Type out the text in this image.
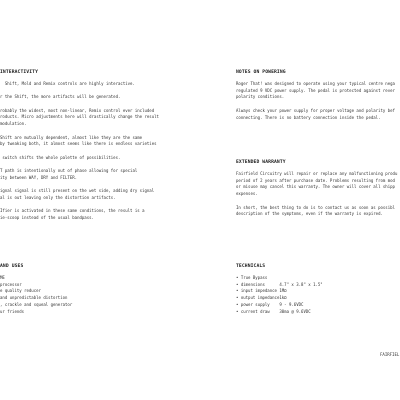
INTERACTIVITY

Shift, Mold and Remix controls are highly interactive.

r the Shift, the more artifacts will be generated.

robably the widest, most non-linear, Remix control ever included
roducts. Micro adjustments here will drastically change the result
modulation.

Shift are mutually dependent, almost like they are the same
by tweaking both, it almost seems like there is endless varieties

switch shifts the whole palette of possibilities.

T path is intentionally out of phase allowing for special
ity between WAY, DRY and FILTER.

ignal signal is still present on the wet side, adding dry signal
al is out leaving only the distortion artifacts.

Ifier is activated in these same conditions, the result is a
ie-scoop instead of the usual bandpass.

AND USES
ME
processor
e quality reducer
and unpredictable distortion
, crackle and squeal generator
ur friends
NOTES ON POWERING

Roger That! was designed to operate using your typical centre nega
regulated 9 VDC power supply. The pedal is protected against rever
polarity conditions.

Always check your power supply for proper voltage and polarity bef
connecting. There is no battery connection inside the pedal.

EXTENDED WARRANTY

Fairfield Circuitry will repair or replace any malfunctioning produ
period of 2 years after purchase date. Problems resulting from mod
or misuse may cancel this warranty. The owner will cover all shipp
expenses.

In short, the best thing to do is to contact us as soon as possibl
description of the symptoms, even if the warranty is expired.

TECHNICALS
• True Bypass	
• dimensions	4.7" x 3.8" x 1.5"
• input impedance	1MΩ
• output impedance	1kΩ
• power supply	9 - 9.6VDC
• current draw	30ma @ 9.6VDC
FAIRFIEL
